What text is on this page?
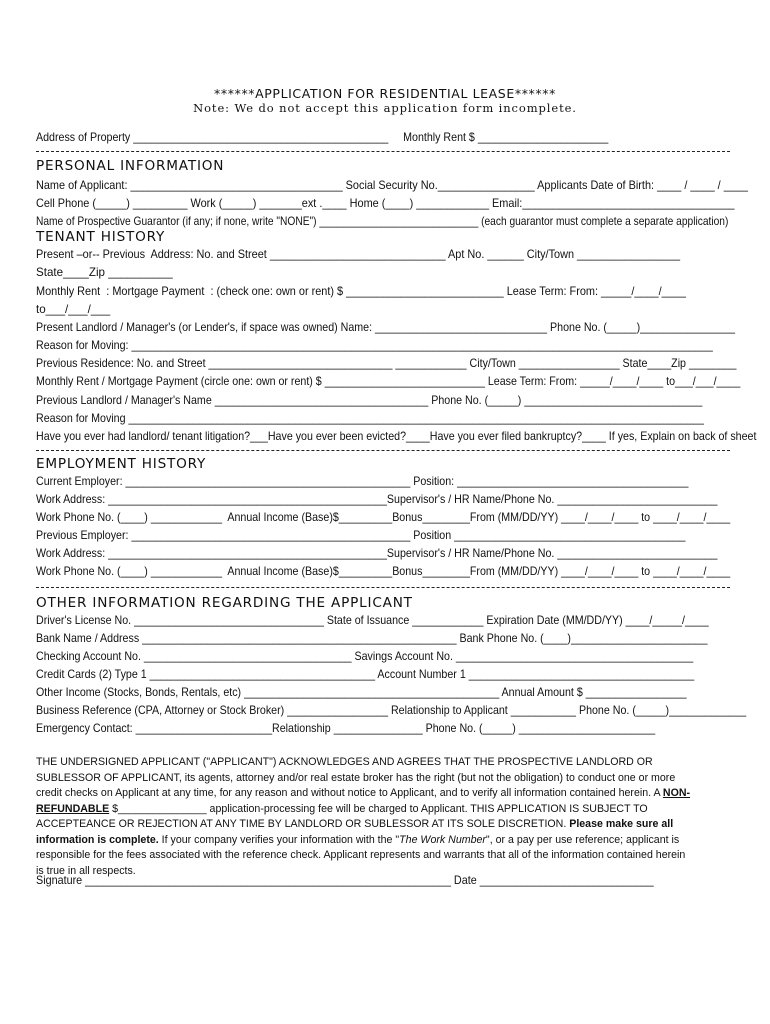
******APPLICATION FOR RESIDENTIAL LEASE******
Note: We do not accept this application form incomplete.
Address of Property ___________________________________________     Monthly Rent $ ______________________
PERSONAL INFORMATION
Name of Applicant: ___________________________________ Social Security No.________________ Applicants Date of Birth: ____ / ____ / ____
Cell Phone (_____) _________ Work (_____) _______ext .____ Home (____) ____________ Email:___________________________________
Name of Prospective Guarantor (if any; if none, write "NONE") ____________________________ (each guarantor must complete a separate application)
TENANT HISTORY
Present –or-- Previous  Address: No. and Street _____________________________ Apt No. ______ City/Town _________________
State____Zip __________
Monthly Rent  : Mortgage Payment  : (check one: own or rent) $ __________________________ Lease Term: From: _____/____/____
to___/___/___
Present Landlord / Manager's (or Lender's, if space was owned) Name: _____________________________ Phone No. (_____)________________
Reason for Moving: __________________________________________________________________________________________________
Previous Residence: No. and Street _______________________________ ____________ City/Town _________________ State____Zip ________
Monthly Rent / Mortgage Payment (circle one: own or rent) $ ___________________________ Lease Term: From: _____/____/____ to___/___/____
Previous Landlord / Manager's Name ____________________________________ Phone No. (_____) ______________________________
Reason for Moving _________________________________________________________________________________________________
Have you ever had landlord/ tenant litigation?___Have you ever been evicted?____Have you ever filed bankruptcy?____ If yes, Explain on back of sheet
EMPLOYMENT HISTORY
Current Employer: ________________________________________________ Position: _______________________________________
Work Address: _______________________________________________Supervisor's / HR Name/Phone No. ___________________________
Work Phone No. (____) ____________  Annual Income (Base)$_________Bonus________From (MM/DD/YY) ____/____/____ to ____/____/____
Previous Employer: _______________________________________________ Position _______________________________________
Work Address: _______________________________________________Supervisor's / HR Name/Phone No. ___________________________
Work Phone No. (____) ____________  Annual Income (Base)$_________Bonus________From (MM/DD/YY) ____/____/____ to ____/____/____
OTHER INFORMATION REGARDING THE APPLICANT
Driver's License No. ________________________________ State of Issuance ____________ Expiration Date (MM/DD/YY) ____/_____/____
Bank Name / Address _____________________________________________________ Bank Phone No. (____)_______________________
Checking Account No. ___________________________________ Savings Account No. ________________________________________
Credit Cards (2) Type 1 ______________________________________ Account Number 1 ______________________________________
Other Income (Stocks, Bonds, Rentals, etc) ___________________________________________ Annual Amount $ _________________
Business Reference (CPA, Attorney or Stock Broker) _________________ Relationship to Applicant ___________ Phone No. (_____)_____________
Emergency Contact: _______________________Relationship _______________ Phone No. (_____) _______________________
THE UNDERSIGNED APPLICANT ("APPLICANT") ACKNOWLEDGES AND AGREES THAT THE PROSPECTIVE LANDLORD OR SUBLESSOR OF APPLICANT, its agents, attorney and/or real estate broker has the right (but not the obligation) to conduct one or more credit checks on Applicant at any time, for any reason and without notice to Applicant, and to verify all information contained herein. A NON-REFUNDABLE $_______________ application-processing fee will be charged to Applicant. THIS APPLICATION IS SUBJECT TO ACCEPTEANCE OR REJECTION AT ANY TIME BY LANDLORD OR SUBLESSOR AT ITS SOLE DISCRETION. Please make sure all information is complete. If your company verifies your information with the "The Work Number", or a pay per use reference; applicant is responsible for the fees associated with the reference check. Applicant represents and warrants that all of the information contained herein is true in all respects.
Signature _____________________________________________________________ Date _____________________________
